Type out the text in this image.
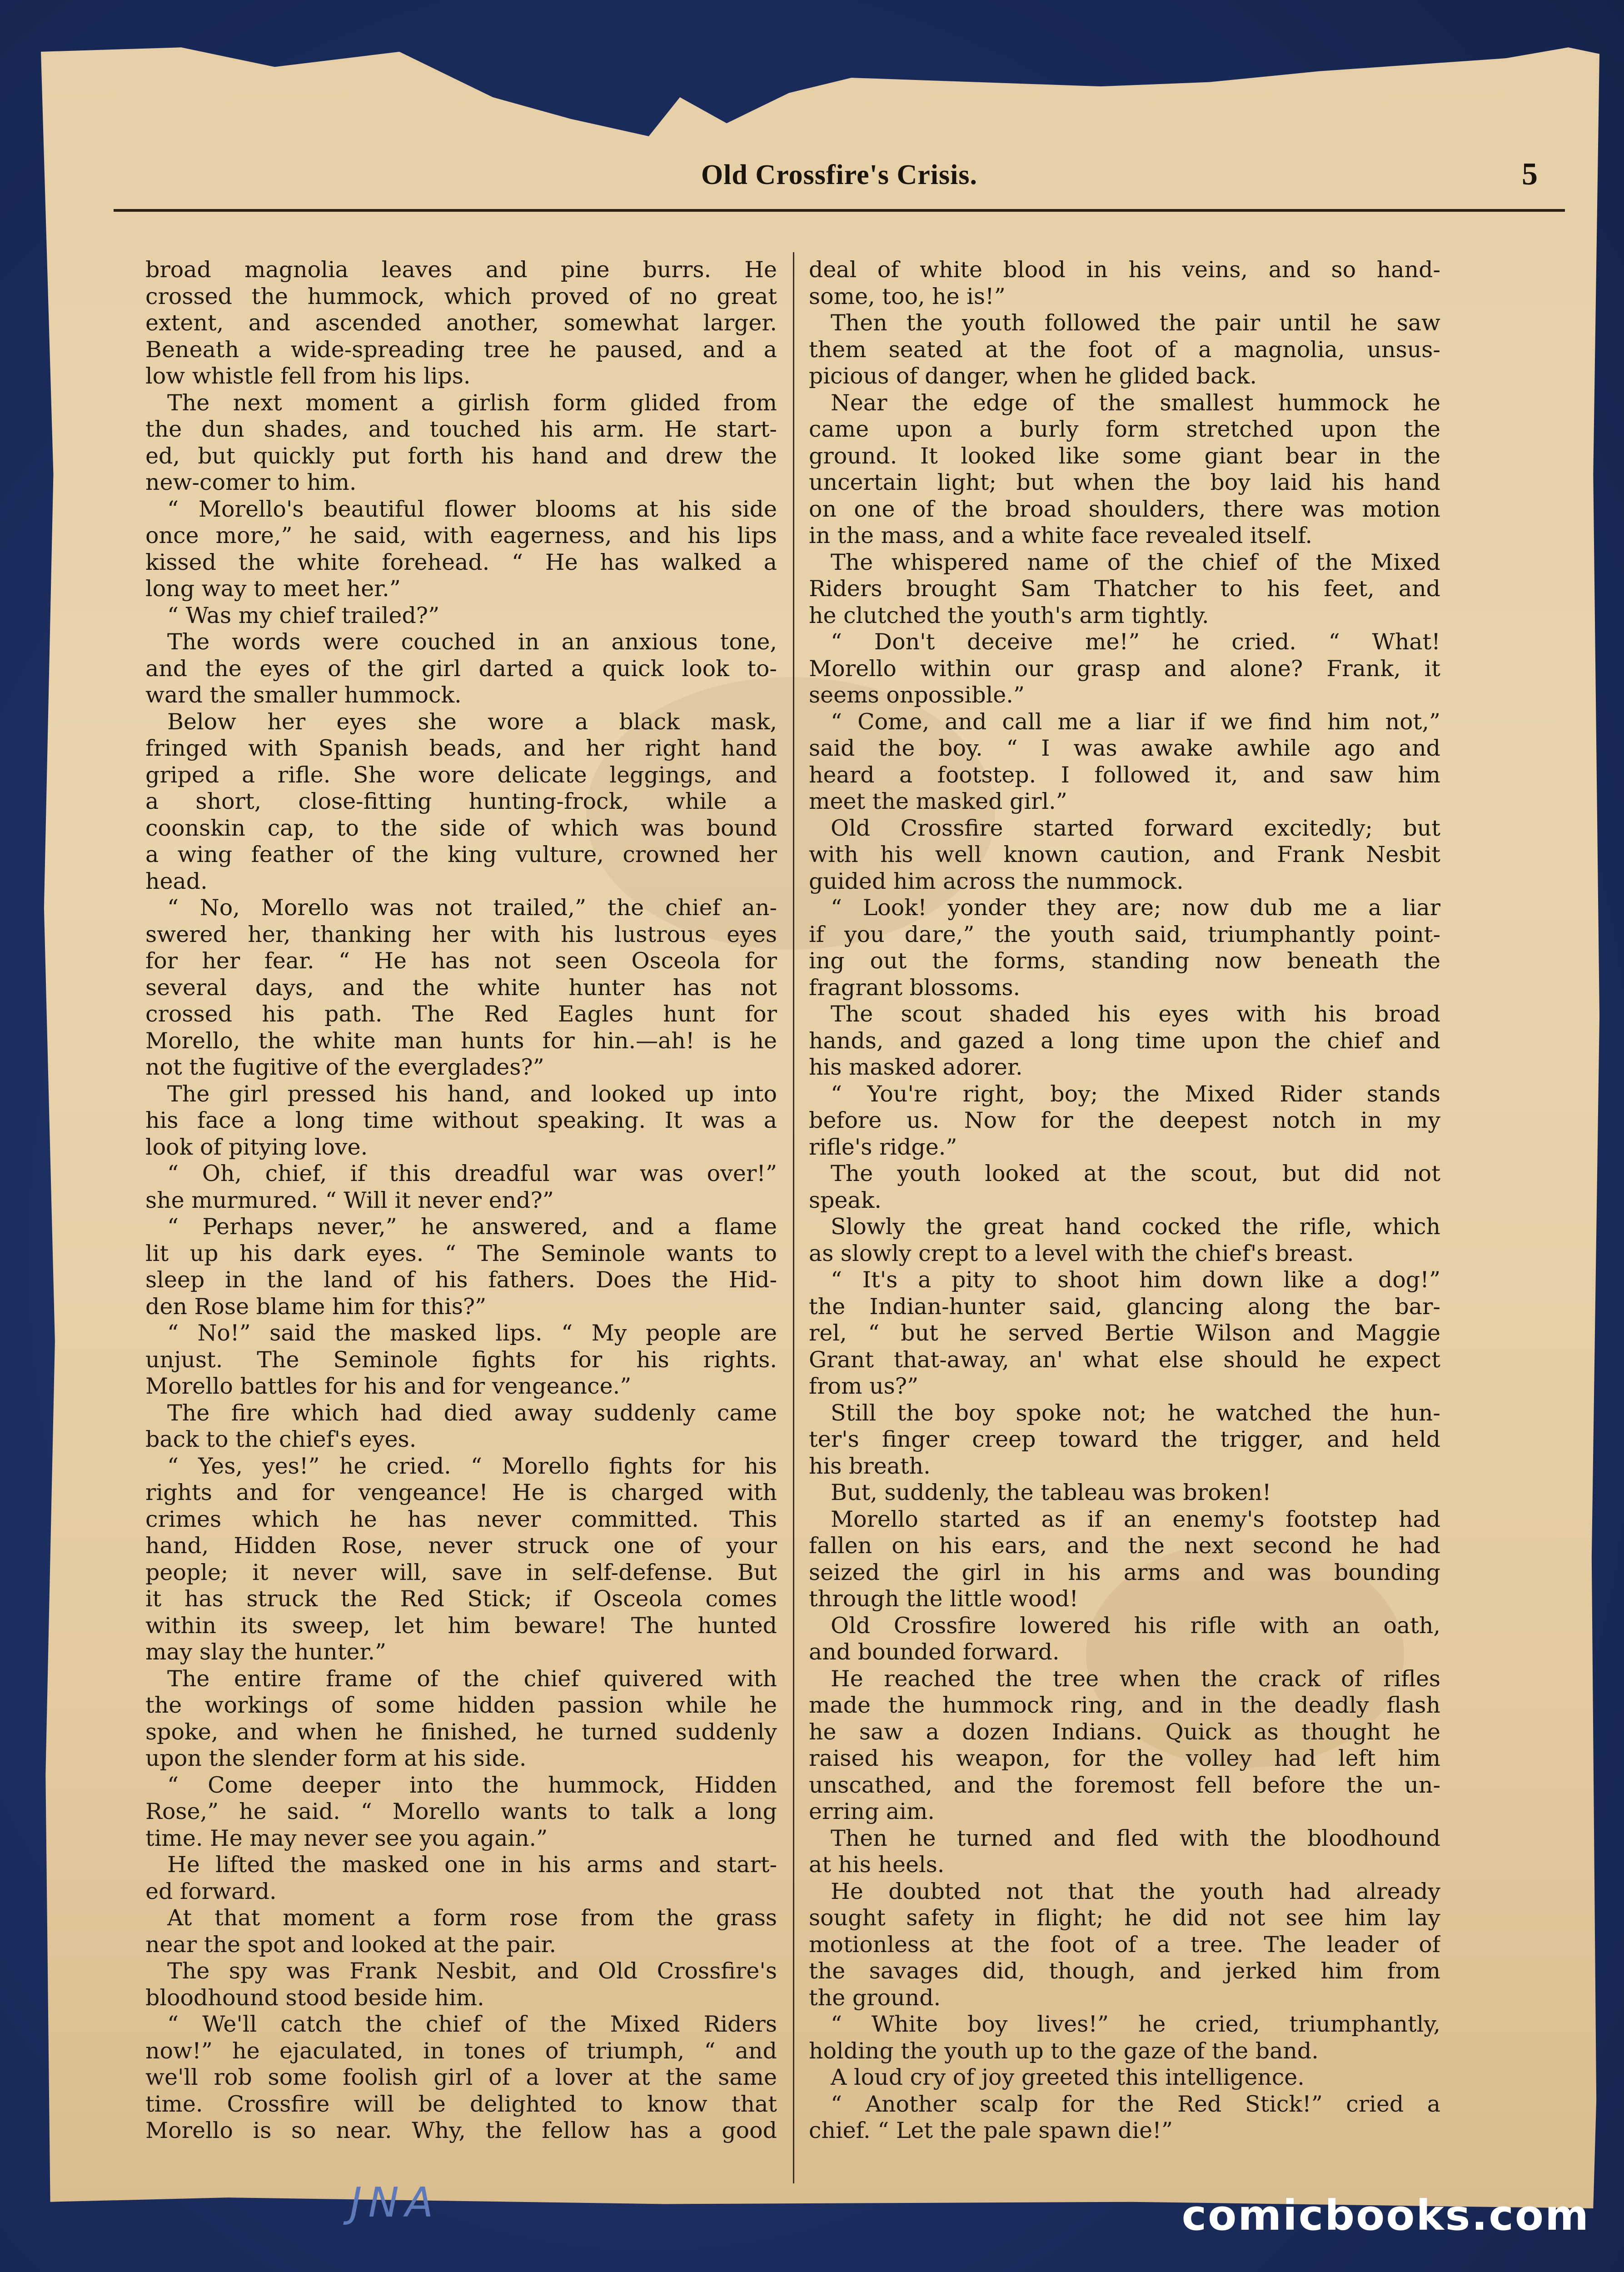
Old Crossfire's Crisis.	5
broad magnolia leaves and pine burrs. He
crossed the hummock, which proved of no great
extent, and ascended another, somewhat larger.
Beneath a wide-spreading tree he paused, and a
low whistle fell from his lips.
The next moment a girlish form glided from
the dun shades, and touched his arm. He start-
ed, but quickly put forth his hand and drew the
new-comer to him.
“ Morello's beautiful flower blooms at his side
once more,” he said, with eagerness, and his lips
kissed the white forehead. “ He has walked a
long way to meet her.”
“ Was my chief trailed?”
The words were couched in an anxious tone,
and the eyes of the girl darted a quick look to-
ward the smaller hummock.
Below her eyes she wore a black mask,
fringed with Spanish beads, and her right hand
griped a rifle. She wore delicate leggings, and
a short, close-fitting hunting-frock, while a
coonskin cap, to the side of which was bound
a wing feather of the king vulture, crowned her
head.
“ No, Morello was not trailed,” the chief an-
swered her, thanking her with his lustrous eyes
for her fear. “ He has not seen Osceola for
several days, and the white hunter has not
crossed his path. The Red Eagles hunt for
Morello, the white man hunts for hin.—ah! is he
not the fugitive of the everglades?”
The girl pressed his hand, and looked up into
his face a long time without speaking. It was a
look of pitying love.
“ Oh, chief, if this dreadful war was over!”
she murmured. “ Will it never end?”
“ Perhaps never,” he answered, and a flame
lit up his dark eyes. “ The Seminole wants to
sleep in the land of his fathers. Does the Hid-
den Rose blame him for this?”
“ No!” said the masked lips. “ My people are
unjust. The Seminole fights for his rights.
Morello battles for his and for vengeance.”
The fire which had died away suddenly came
back to the chief's eyes.
“ Yes, yes!” he cried. “ Morello fights for his
rights and for vengeance! He is charged with
crimes which he has never committed. This
hand, Hidden Rose, never struck one of your
people; it never will, save in self-defense. But
it has struck the Red Stick; if Osceola comes
within its sweep, let him beware! The hunted
may slay the hunter.”
The entire frame of the chief quivered with
the workings of some hidden passion while he
spoke, and when he finished, he turned suddenly
upon the slender form at his side.
“ Come deeper into the hummock, Hidden
Rose,” he said. “ Morello wants to talk a long
time. He may never see you again.”
He lifted the masked one in his arms and start-
ed forward.
At that moment a form rose from the grass
near the spot and looked at the pair.
The spy was Frank Nesbit, and Old Crossfire's
bloodhound stood beside him.
“ We'll catch the chief of the Mixed Riders
now!” he ejaculated, in tones of triumph, “ and
we'll rob some foolish girl of a lover at the same
time. Crossfire will be delighted to know that
Morello is so near. Why, the fellow has a good
deal of white blood in his veins, and so hand-
some, too, he is!”
Then the youth followed the pair until he saw
them seated at the foot of a magnolia, unsus-
picious of danger, when he glided back.
Near the edge of the smallest hummock he
came upon a burly form stretched upon the
ground. It looked like some giant bear in the
uncertain light; but when the boy laid his hand
on one of the broad shoulders, there was motion
in the mass, and a white face revealed itself.
The whispered name of the chief of the Mixed
Riders brought Sam Thatcher to his feet, and
he clutched the youth's arm tightly.
“ Don't deceive me!” he cried. “ What!
Morello within our grasp and alone? Frank, it
seems onpossible.”
“ Come, and call me a liar if we find him not,”
said the boy. “ I was awake awhile ago and
heard a footstep. I followed it, and saw him
meet the masked girl.”
Old Crossfire started forward excitedly; but
with his well known caution, and Frank Nesbit
guided him across the nummock.
“ Look! yonder they are; now dub me a liar
if you dare,” the youth said, triumphantly point-
ing out the forms, standing now beneath the
fragrant blossoms.
The scout shaded his eyes with his broad
hands, and gazed a long time upon the chief and
his masked adorer.
“ You're right, boy; the Mixed Rider stands
before us. Now for the deepest notch in my
rifle's ridge.”
The youth looked at the scout, but did not
speak.
Slowly the great hand cocked the rifle, which
as slowly crept to a level with the chief's breast.
“ It's a pity to shoot him down like a dog!”
the Indian-hunter said, glancing along the bar-
rel, “ but he served Bertie Wilson and Maggie
Grant that-away, an' what else should he expect
from us?”
Still the boy spoke not; he watched the hun-
ter's finger creep toward the trigger, and held
his breath.
But, suddenly, the tableau was broken!
Morello started as if an enemy's footstep had
fallen on his ears, and the next second he had
seized the girl in his arms and was bounding
through the little wood!
Old Crossfire lowered his rifle with an oath,
and bounded forward.
He reached the tree when the crack of rifles
made the hummock ring, and in the deadly flash
he saw a dozen Indians. Quick as thought he
raised his weapon, for the volley had left him
unscathed, and the foremost fell before the un-
erring aim.
Then he turned and fled with the bloodhound
at his heels.
He doubted not that the youth had already
sought safety in flight; he did not see him lay
motionless at the foot of a tree. The leader of
the savages did, though, and jerked him from
the ground.
“ White boy lives!” he cried, triumphantly,
holding the youth up to the gaze of the band.
A loud cry of joy greeted this intelligence.
“ Another scalp for the Red Stick!” cried a
chief. “ Let the pale spawn die!”
JNA	comicbooks.com
